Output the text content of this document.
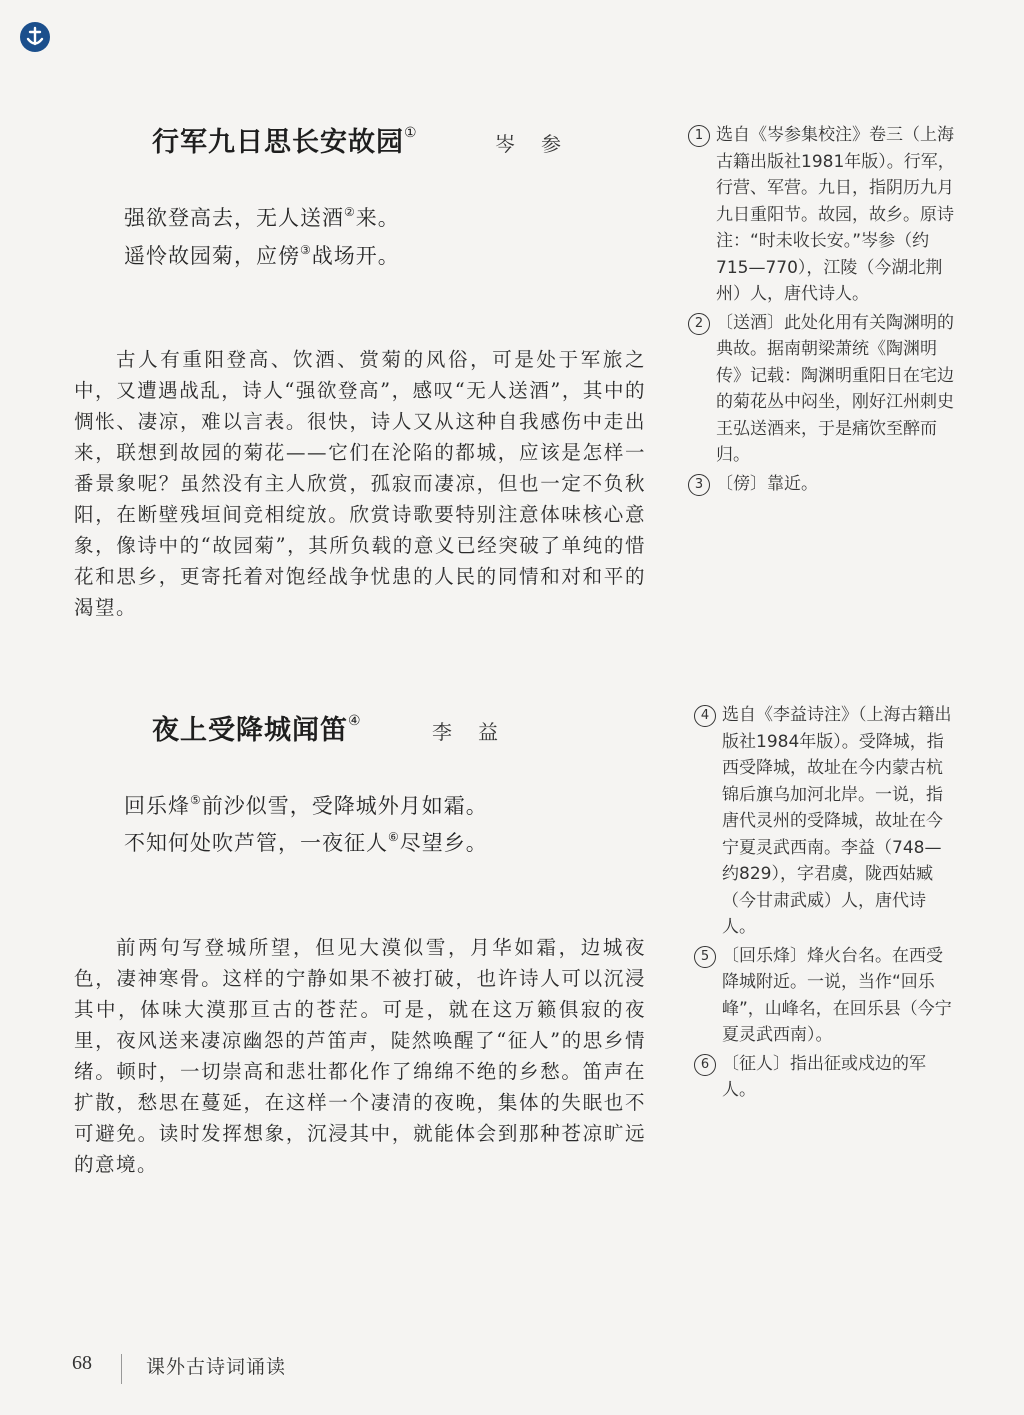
行军九日思长安故园①	岑参
强欲登高去，无人送酒②来。
遥怜故园菊，应傍③战场开。
古人有重阳登高、饮酒、赏菊的风俗，可是处于军旅之中，又遭遇战乱，诗人“强欲登高”，感叹“无人送酒”，其中的惆怅、凄凉，难以言表。很快，诗人又从这种自我感伤中走出来，联想到故园的菊花——它们在沦陷的都城，应该是怎样一番景象呢？虽然没有主人欣赏，孤寂而凄凉，但也一定不负秋阳，在断壁残垣间竞相绽放。欣赏诗歌要特别注意体味核心意象，像诗中的“故园菊”，其所负载的意义已经突破了单纯的惜花和思乡，更寄托着对饱经战争忧患的人民的同情和对和平的渴望。

1 选自《岑参集校注》卷三（上海古籍出版社1981年版）。行军，行营、军营。九日，指阴历九月九日重阳节。故园，故乡。原诗注：“时未收长安。”岑参（约715—770），江陵（今湖北荆州）人，唐代诗人。

2 〔送酒〕此处化用有关陶渊明的典故。据南朝梁萧统《陶渊明传》记载：陶渊明重阳日在宅边的菊花丛中闷坐，刚好江州刺史王弘送酒来，于是痛饮至醉而归。

3 〔傍〕靠近。

夜上受降城闻笛④	李益
回乐烽⑤前沙似雪，受降城外月如霜。
不知何处吹芦管，一夜征人⑥尽望乡。
前两句写登城所望，但见大漠似雪，月华如霜，边城夜色，凄神寒骨。这样的宁静如果不被打破，也许诗人可以沉浸其中，体味大漠那亘古的苍茫。可是，就在这万籁俱寂的夜里，夜风送来凄凉幽怨的芦笛声，陡然唤醒了“征人”的思乡情绪。顿时，一切崇高和悲壮都化作了绵绵不绝的乡愁。笛声在扩散，愁思在蔓延，在这样一个凄清的夜晚，集体的失眠也不可避免。读时发挥想象，沉浸其中，就能体会到那种苍凉旷远的意境。

4 选自《李益诗注》（上海古籍出版社1984年版）。受降城，指西受降城，故址在今内蒙古杭锦后旗乌加河北岸。一说，指唐代灵州的受降城，故址在今宁夏灵武西南。李益（748—约829），字君虞，陇西姑臧（今甘肃武威）人，唐代诗人。

5 〔回乐烽〕烽火台名。在西受降城附近。一说，当作“回乐峰”，山峰名，在回乐县（今宁夏灵武西南）。

6 〔征人〕指出征或戍边的军人。

68	课外古诗词诵读
